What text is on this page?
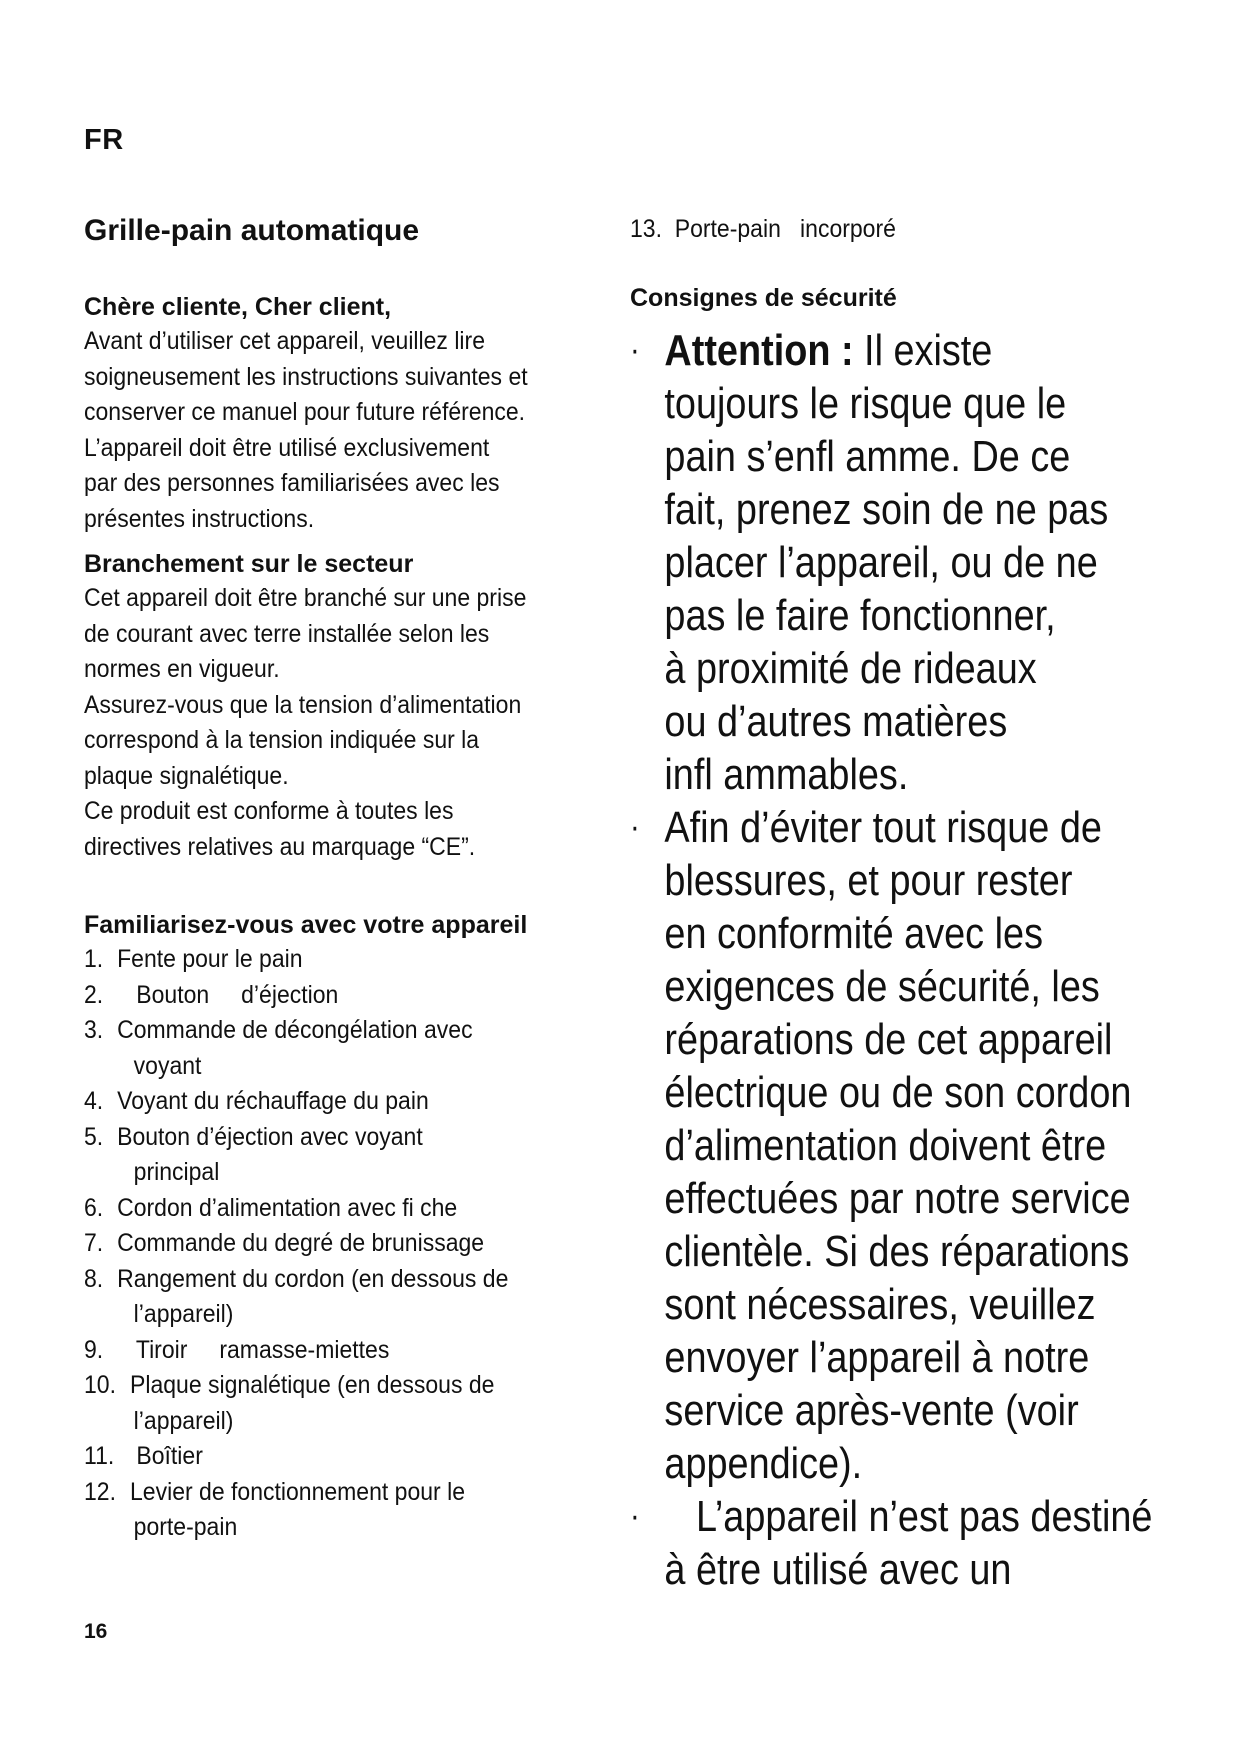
FR
Grille-pain automatique
Chère cliente, Cher client,
Avant d’utiliser cet appareil, veuillez lire
soigneusement les instructions suivantes et
conserver ce manuel pour future référence.
L’appareil doit être utilisé exclusivement
par des personnes familiarisées avec les
présentes instructions.
Branchement sur le secteur
Cet appareil doit être branché sur une prise
de courant avec terre installée selon les
normes en vigueur.
Assurez-vous que la tension d’alimentation
correspond à la tension indiquée sur la
plaque signalétique.
Ce produit est conforme à toutes les
directives relatives au marquage “CE”.
Familiarisez-vous avec votre appareil
1. Fente pour le pain
2. Bouton     d’éjection
3. Commande de décongélation avec
voyant
4. Voyant du réchauffage du pain
5. Bouton d’éjection avec voyant
principal
6. Cordon d’alimentation avec fi che
7. Commande du degré de brunissage
8. Rangement du cordon (en dessous de
l’appareil)
9. Tiroir     ramasse-miettes
10. Plaque signalétique (en dessous de
l’appareil)
11. Boîtier
12. Levier de fonctionnement pour le
porte-pain
16
13.  Porte-pain   incorporé
Consignes de sécurité
· Attention : Il existe
toujours le risque que le
pain s’enfl amme. De ce
fait, prenez soin de ne pas
placer l’appareil, ou de ne
pas le faire fonctionner,
à proximité de rideaux
ou d’autres matières
infl ammables.
· Afin d’éviter tout risque de
blessures, et pour rester
en conformité avec les
exigences de sécurité, les
réparations de cet appareil
électrique ou de son cordon
d’alimentation doivent être
effectuées par notre service
clientèle. Si des réparations
sont nécessaires, veuillez
envoyer l’appareil à notre
service après-vente (voir
appendice).
· L’appareil n’est pas destiné
à être utilisé avec un
